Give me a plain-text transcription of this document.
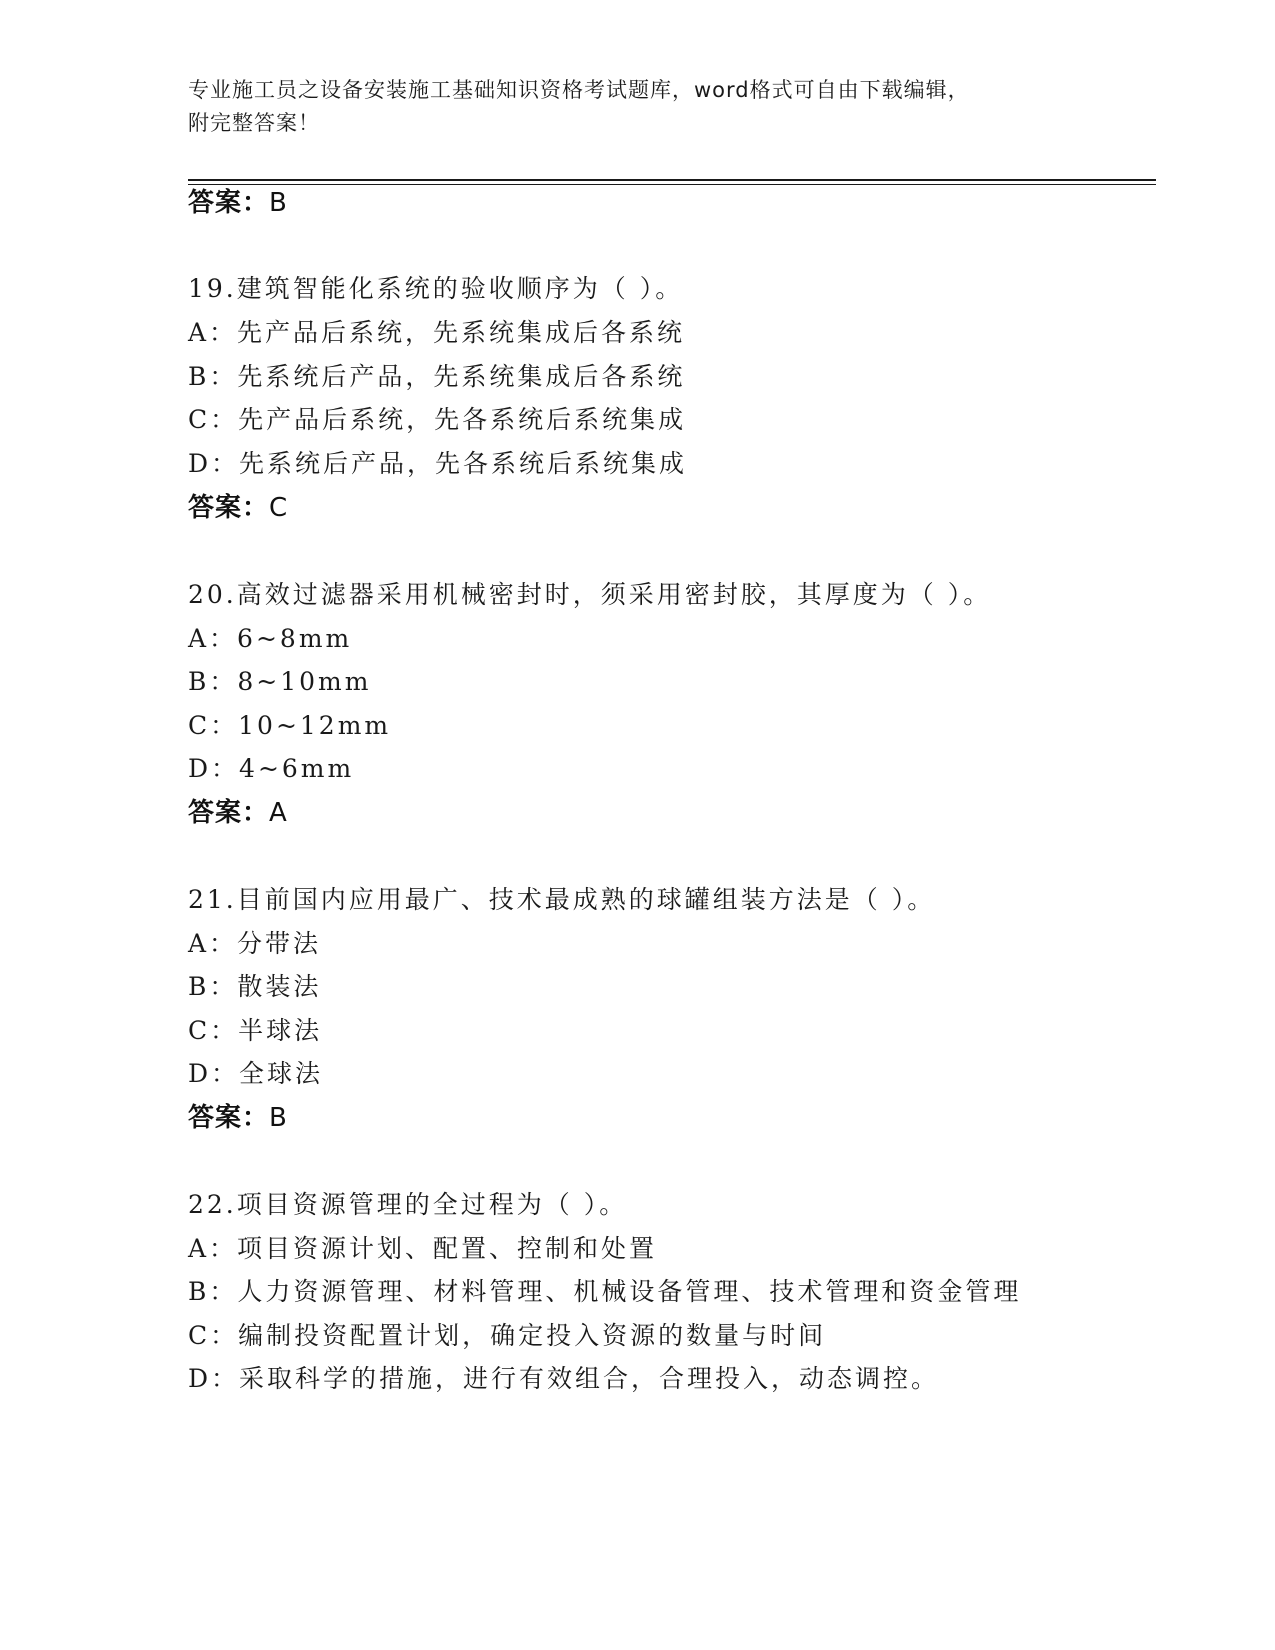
专业施工员之设备安装施工基础知识资格考试题库，word格式可自由下载编辑，
附完整答案！
答案：B
19.建筑智能化系统的验收顺序为（ ）。
A：先产品后系统，先系统集成后各系统
B：先系统后产品，先系统集成后各系统
C：先产品后系统，先各系统后系统集成
D：先系统后产品，先各系统后系统集成
答案：C
20.高效过滤器采用机械密封时，须采用密封胶，其厚度为（ ）。
A：6~8mm
B：8~10mm
C：10~12mm
D：4~6mm
答案：A
21.目前国内应用最广、技术最成熟的球罐组装方法是（ ）。
A：分带法
B：散装法
C：半球法
D：全球法
答案：B
22.项目资源管理的全过程为（ ）。
A：项目资源计划、配置、控制和处置
B：人力资源管理、材料管理、机械设备管理、技术管理和资金管理
C：编制投资配置计划，确定投入资源的数量与时间
D：采取科学的措施，进行有效组合，合理投入，动态调控。
